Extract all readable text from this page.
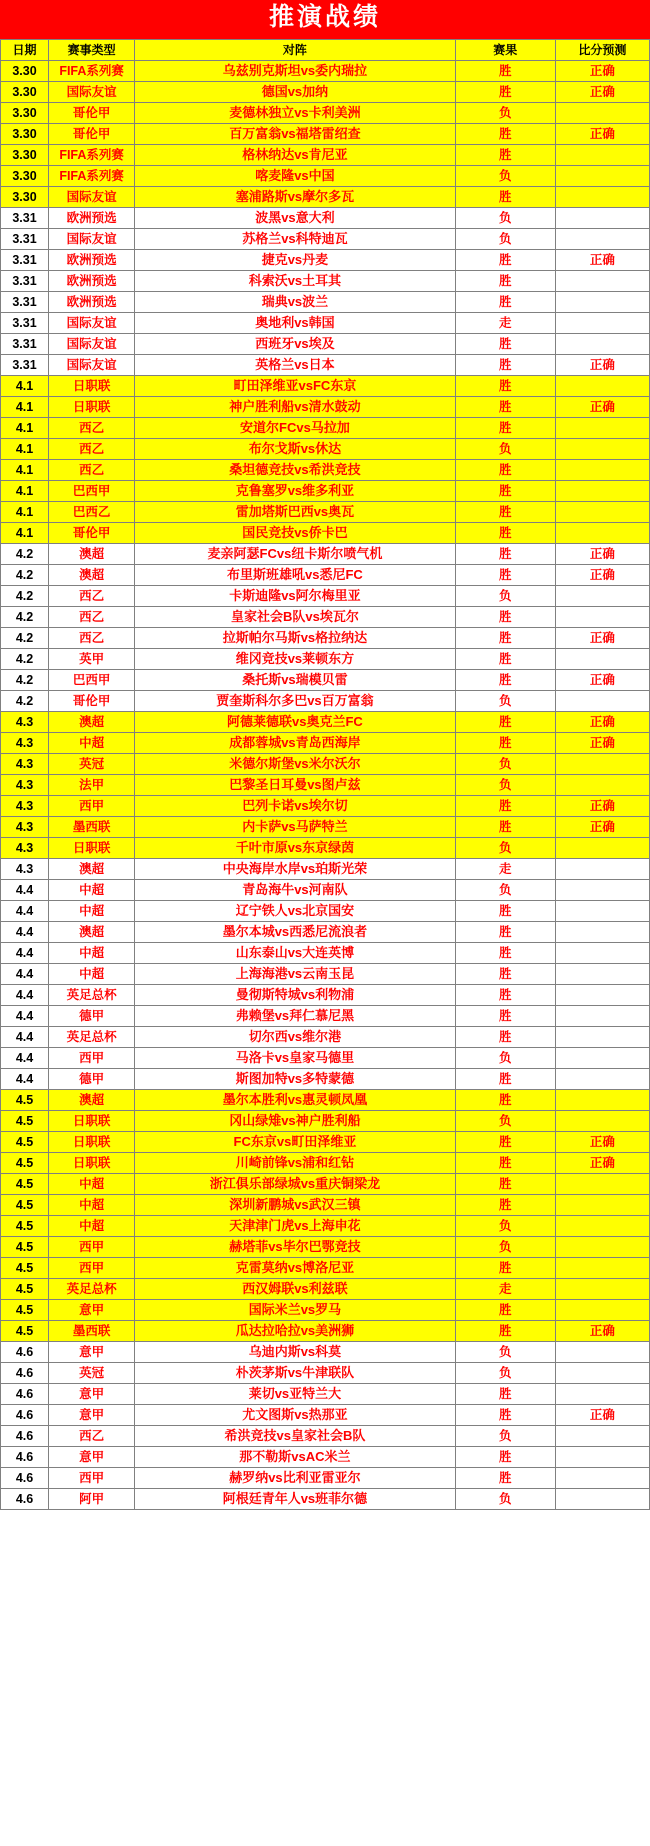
推演战绩
日期	赛事类型	对阵	赛果	比分预测
3.30	FIFA系列赛	乌兹别克斯坦vs委内瑞拉	胜	正确
3.30	国际友谊	德国vs加纳	胜	正确
3.30	哥伦甲	麦德林独立vs卡利美洲	负	
3.30	哥伦甲	百万富翁vs福塔雷绍查	胜	正确
3.30	FIFA系列赛	格林纳达vs肯尼亚	胜	
3.30	FIFA系列赛	喀麦隆vs中国	负	
3.30	国际友谊	塞浦路斯vs摩尔多瓦	胜	
3.31	欧洲预选	波黑vs意大利	负	
3.31	国际友谊	苏格兰vs科特迪瓦	负	
3.31	欧洲预选	捷克vs丹麦	胜	正确
3.31	欧洲预选	科索沃vs土耳其	胜	
3.31	欧洲预选	瑞典vs波兰	胜	
3.31	国际友谊	奥地利vs韩国	走	
3.31	国际友谊	西班牙vs埃及	胜	
3.31	国际友谊	英格兰vs日本	胜	正确
4.1	日职联	町田泽维亚vsFC东京	胜	
4.1	日职联	神户胜利船vs清水鼓动	胜	正确
4.1	西乙	安道尔FCvs马拉加	胜	
4.1	西乙	布尔戈斯vs休达	负	
4.1	西乙	桑坦德竞技vs希洪竞技	胜	
4.1	巴西甲	克鲁塞罗vs维多利亚	胜	
4.1	巴西乙	雷加塔斯巴西vs奥瓦	胜	
4.1	哥伦甲	国民竞技vs侨卡巴	胜	
4.2	澳超	麦亲阿瑟FCvs纽卡斯尔喷气机	胜	正确
4.2	澳超	布里斯班雄吼vs悉尼FC	胜	正确
4.2	西乙	卡斯迪隆vs阿尔梅里亚	负	
4.2	西乙	皇家社会B队vs埃瓦尔	胜	
4.2	西乙	拉斯帕尔马斯vs格拉纳达	胜	正确
4.2	英甲	维冈竞技vs莱顿东方	胜	
4.2	巴西甲	桑托斯vs瑞模贝雷	胜	正确
4.2	哥伦甲	贾奎斯科尔多巴vs百万富翁	负	
4.3	澳超	阿德莱德联vs奥克兰FC	胜	正确
4.3	中超	成都蓉城vs青岛西海岸	胜	正确
4.3	英冠	米德尔斯堡vs米尔沃尔	负	
4.3	法甲	巴黎圣日耳曼vs图卢兹	负	
4.3	西甲	巴列卡诺vs埃尔切	胜	正确
4.3	墨西联	内卡萨vs马萨特兰	胜	正确
4.3	日职联	千叶市原vs东京绿茵	负	
4.3	澳超	中央海岸水岸vs珀斯光荣	走	
4.4	中超	青岛海牛vs河南队	负	
4.4	中超	辽宁铁人vs北京国安	胜	
4.4	澳超	墨尔本城vs西悉尼流浪者	胜	
4.4	中超	山东泰山vs大连英博	胜	
4.4	中超	上海海港vs云南玉昆	胜	
4.4	英足总杯	曼彻斯特城vs利物浦	胜	
4.4	德甲	弗赖堡vs拜仁慕尼黑	胜	
4.4	英足总杯	切尔西vs维尔港	胜	
4.4	西甲	马洛卡vs皇家马德里	负	
4.4	德甲	斯图加特vs多特蒙德	胜	
4.5	澳超	墨尔本胜利vs惠灵顿凤凰	胜	
4.5	日职联	冈山绿雉vs神户胜利船	负	
4.5	日职联	FC东京vs町田泽维亚	胜	正确
4.5	日职联	川崎前锋vs浦和红钻	胜	正确
4.5	中超	浙江俱乐部绿城vs重庆铜梁龙	胜	
4.5	中超	深圳新鹏城vs武汉三镇	胜	
4.5	中超	天津津门虎vs上海申花	负	
4.5	西甲	赫塔菲vs毕尔巴鄂竞技	负	
4.5	西甲	克雷莫纳vs博洛尼亚	胜	
4.5	英足总杯	西汉姆联vs利兹联	走	
4.5	意甲	国际米兰vs罗马	胜	
4.5	墨西联	瓜达拉哈拉vs美洲狮	胜	正确
4.6	意甲	乌迪内斯vs科莫	负	
4.6	英冠	朴茨茅斯vs牛津联队	负	
4.6	意甲	莱切vs亚特兰大	胜	
4.6	意甲	尤文图斯vs热那亚	胜	正确
4.6	西乙	希洪竞技vs皇家社会B队	负	
4.6	意甲	那不勒斯vsAC米兰	胜	
4.6	西甲	赫罗纳vs比利亚雷亚尔	胜	
4.6	阿甲	阿根廷青年人vs班菲尔德	负	
